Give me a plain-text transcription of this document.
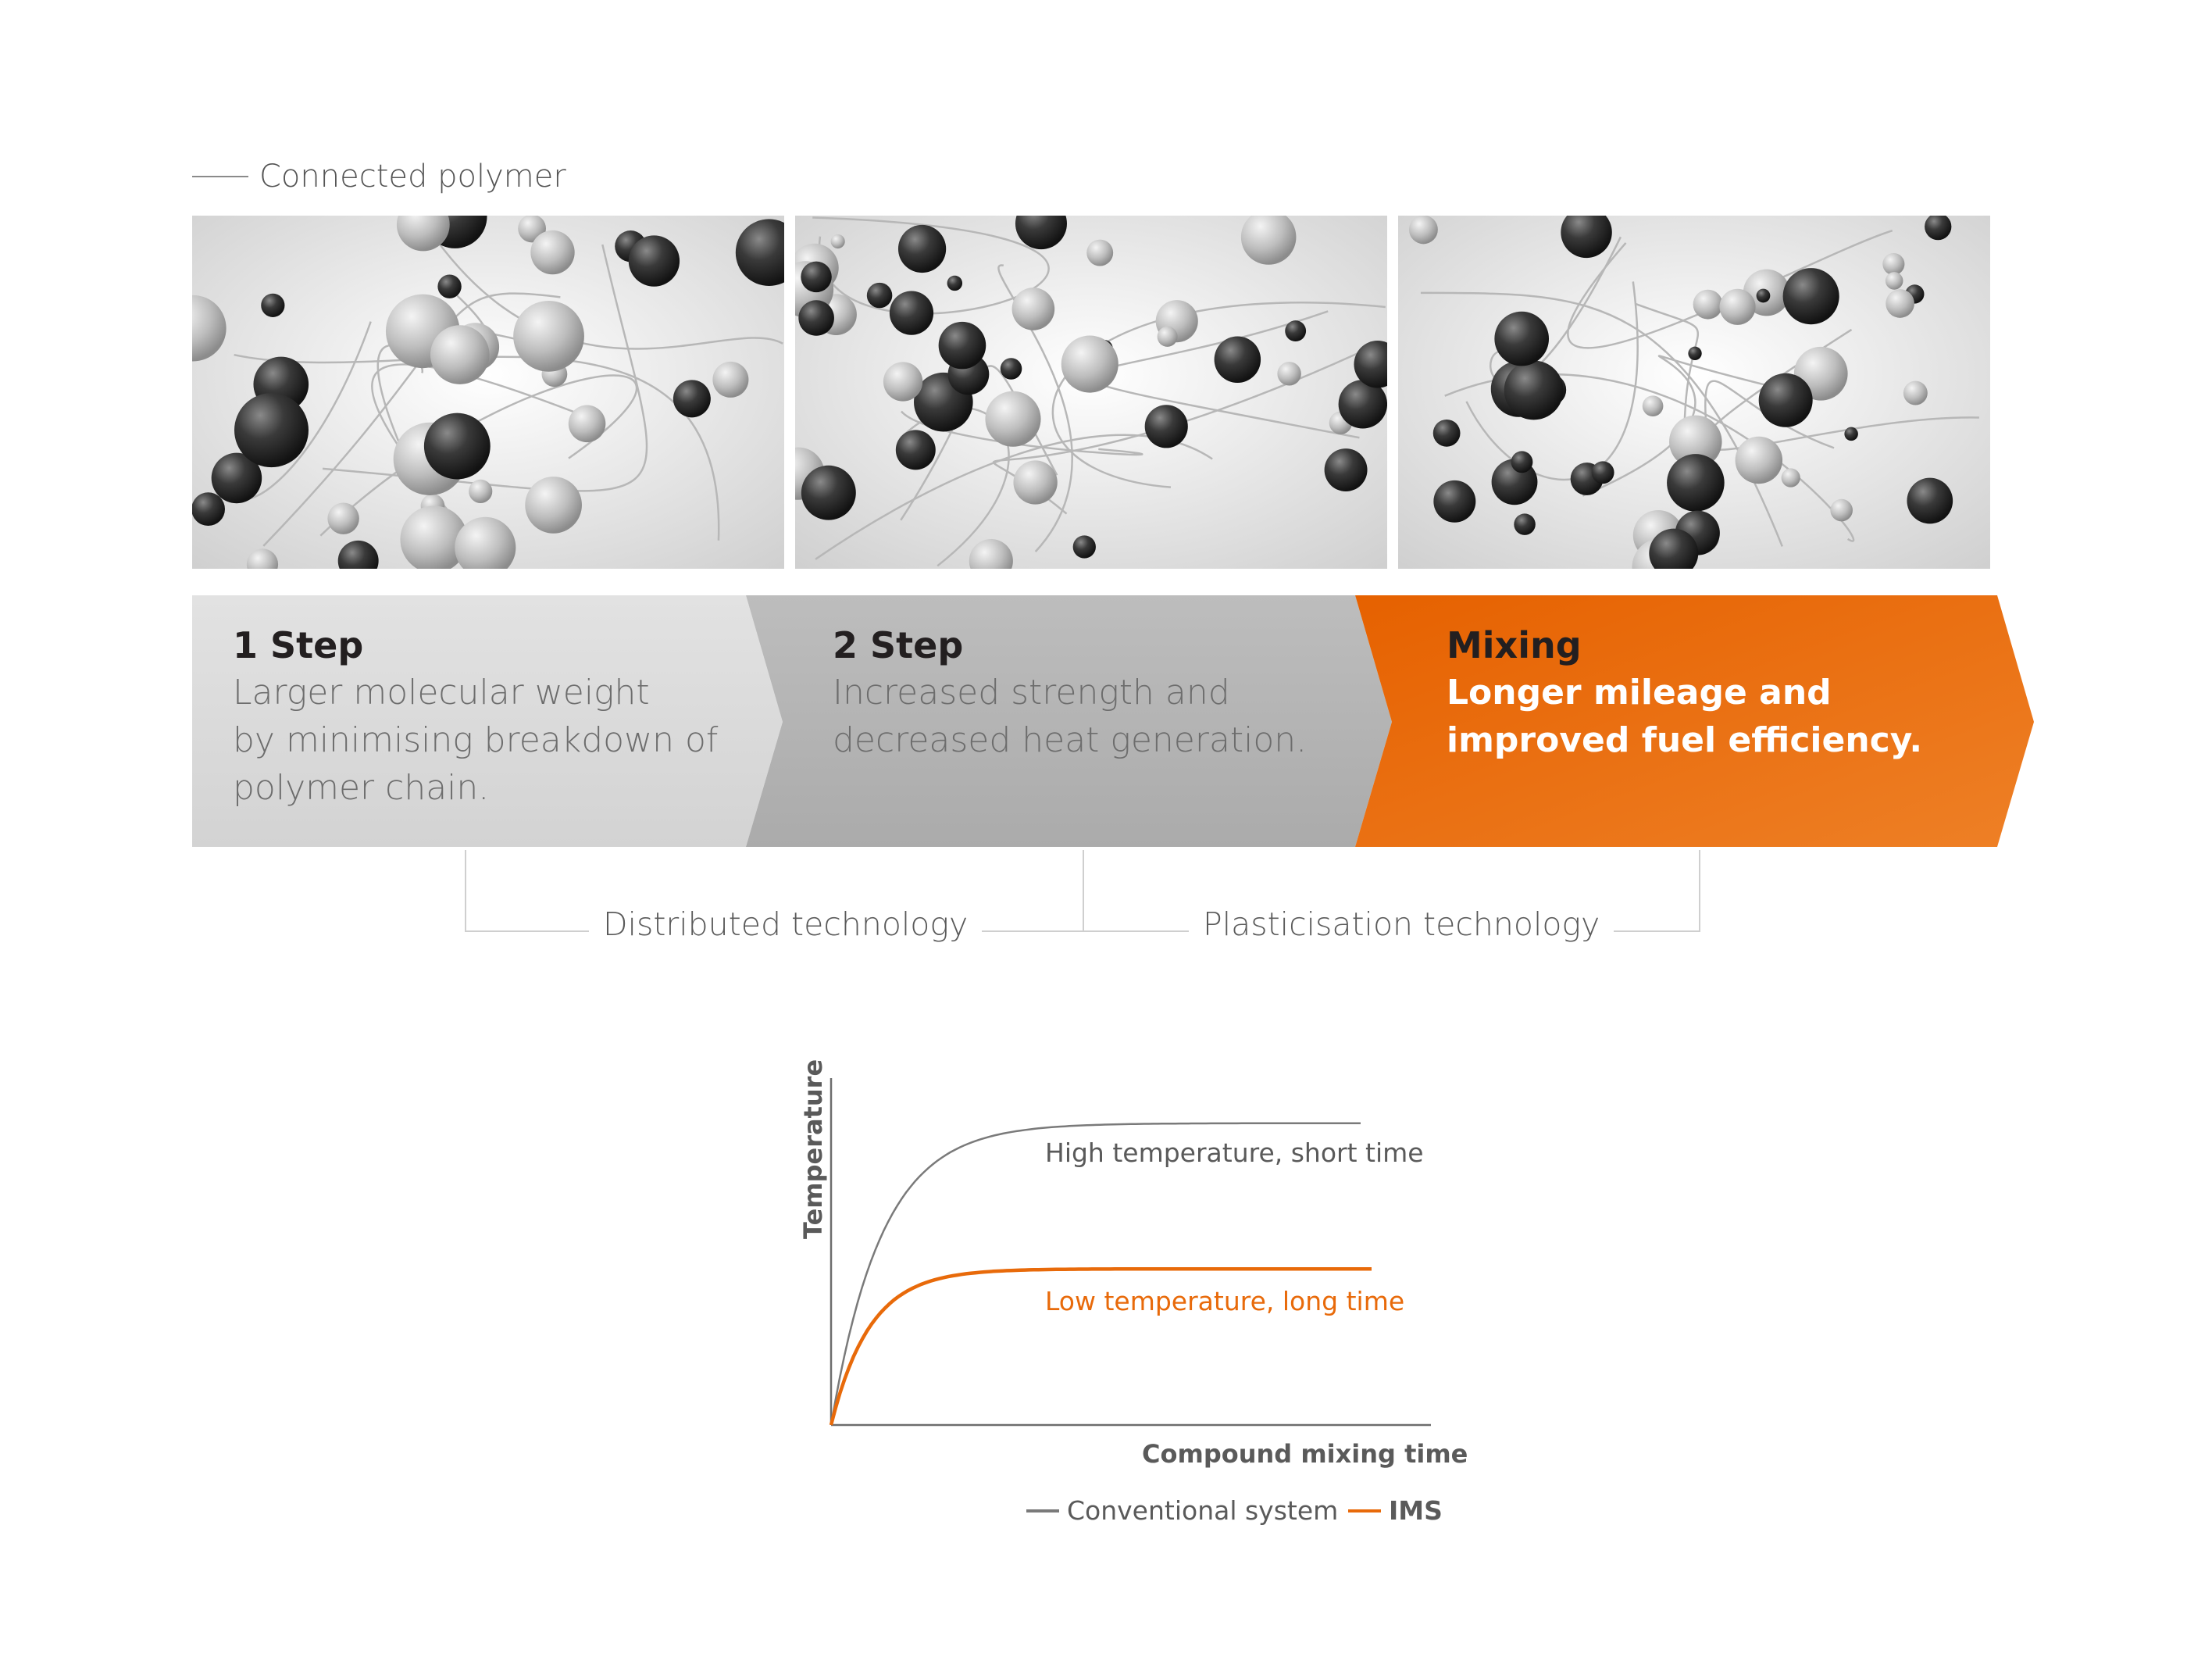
Connected polymer
1 Step
Larger molecular weight
by minimising breakdown of
polymer chain.
2 Step
Increased strength and
decreased heat generation.
Mixing
Longer mileage and
improved fuel efficiency.
Distributed technology	Plasticisation technology
Temperature
Compound mixing time
High temperature, short time
Low temperature, long time
Conventional system IMS
